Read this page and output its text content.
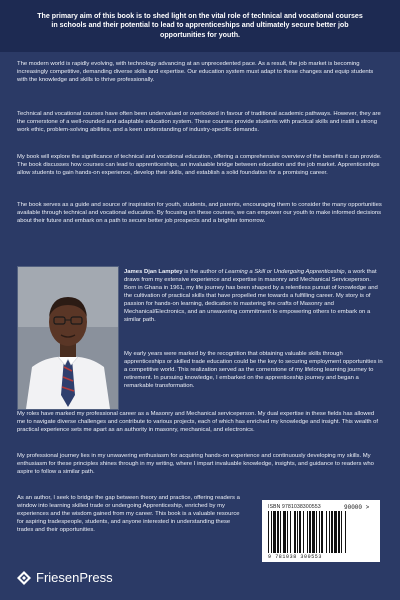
The primary aim of this book is to shed light on the vital role of technical and vocational courses in schools and their potential to lead to apprenticeships and ultimately secure better job opportunities for youth.

The modern world is rapidly evolving, with technology advancing at an unprecedented pace. As a result, the job market is becoming increasingly competitive, demanding diverse skills and expertise. Our education system must adapt to these changes and equip students with the knowledge and skills to thrive professionally.

Technical and vocational courses have often been undervalued or overlooked in favour of traditional academic pathways. However, they are the cornerstone of a well-rounded and adaptable education system. These courses provide students with practical skills and instill a strong work ethic, problem-solving abilities, and a keen understanding of industry-specific demands.

My book will explore the significance of technical and vocational education, offering a comprehensive overview of the benefits it can provide. The book discusses how courses can lead to apprenticeships, an invaluable bridge between education and the job market. Apprenticeships allow students to gain hands-on experience, develop their skills, and establish a solid foundation for a promising career.

The book serves as a guide and source of inspiration for youth, students, and parents, encouraging them to consider the many opportunities available through technical and vocational education. By focusing on these courses, we can empower our youth to make informed decisions about their future and embark on a path to secure better job prospects and a brighter tomorrow.

James Djan Lamptey is the author of Learning a Skill or Undergoing Apprenticeship, a work that draws from my extensive experience and expertise in masonry and Mechanical Serviceperson. Born in Ghana in 1961, my life journey has been shaped by a relentless pursuit of knowledge and the cultivation of practical skills that have propelled me towards a fulfilling career. My story is of passion for hands-on learning, dedication to mastering the crafts of Masonry and Mechanical/Electronics, and an unwavering commitment to empowering others to embark on a similar path.

My early years were marked by the recognition that obtaining valuable skills through apprenticeships or skilled trade education could be the key to securing employment opportunities in a competitive world. This realization served as the cornerstone of my lifelong learning journey to retirement. In pursuing knowledge, I embarked on the apprenticeship journey and began a remarkable transformation.

My roles have marked my professional career as a Masonry and Mechanical serviceperson. My dual expertise in these fields has allowed me to navigate diverse challenges and contribute to various projects, each of which has enriched my knowledge and insight. This wealth of practical experience sets me apart as an authority in masonry, mechanical, and electronics.

My professional journey lies in my unwavering enthusiasm for acquiring hands-on experience and continuously developing my skills. My enthusiasm for these principles shines through in my writing, where I impart invaluable knowledge, insights, and guidance to readers who aspire to follow a similar path.

As an author, I seek to bridge the gap between theory and practice, offering readers a window into learning skilled trade or undergoing Apprenticeship, enriched by my experiences and the wisdom gained from my career. This book is a valuable resource for aspiring tradespeople, students, and anyone interested in understanding these trades and their opportunities.

ISBN 9781038300553	90000 >
9 781038 300553
FriesenPress
